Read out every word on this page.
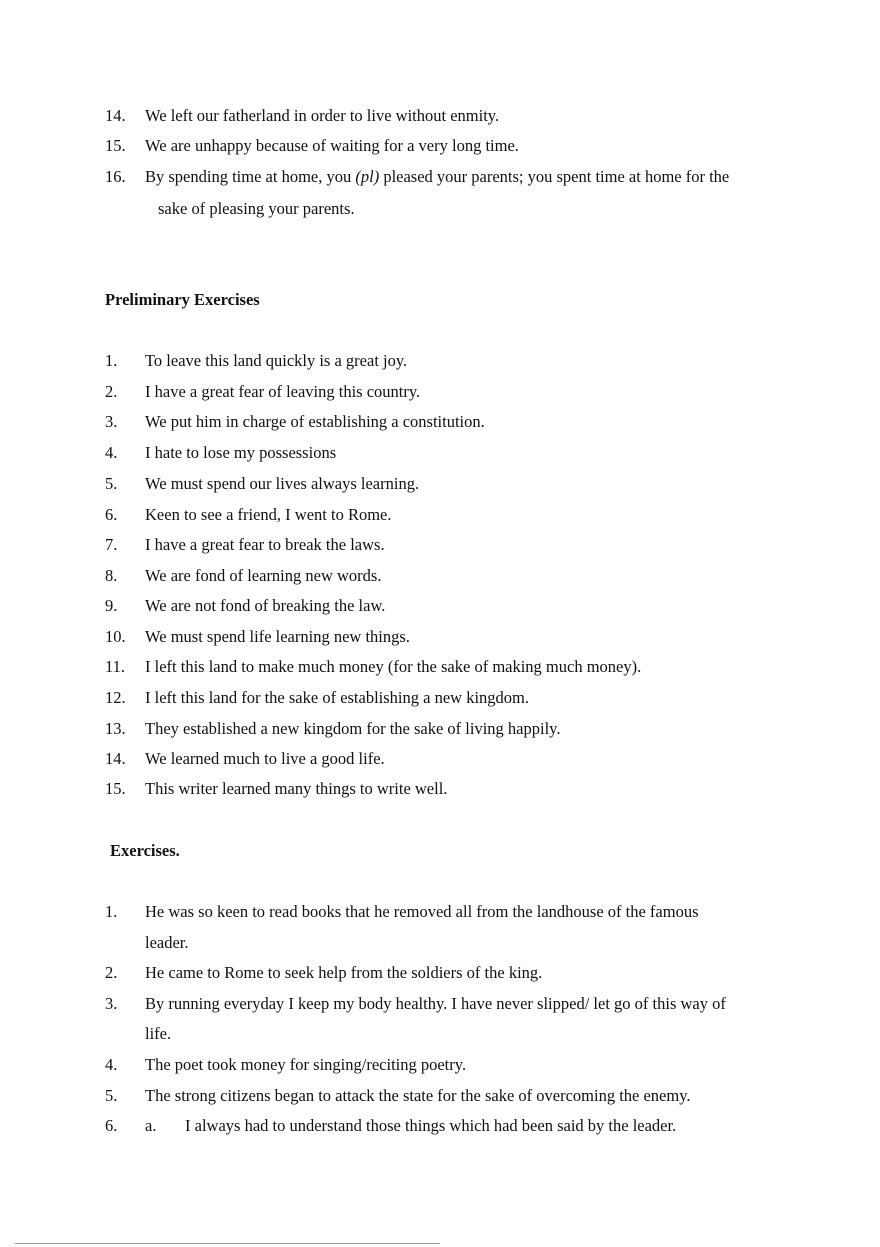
14.	We left our fatherland in order to live without enmity.
15.	We are unhappy because of waiting for a very long time.
16.	By spending time at home, you (pl) pleased your parents; you spent time at home for the
sake of pleasing your parents.
Preliminary Exercises
1.	To leave this land quickly is a great joy.
2.	I have a great fear of leaving this country.
3.	We put him in charge of establishing a constitution.
4.	I hate to lose my possessions
5.	We must spend our lives always learning.
6.	Keen to see a friend, I went to Rome.
7.	I have a great fear to break the laws.
8.	We are fond of learning new words.
9.	We are not fond of breaking the law.
10.	We must spend life learning new things.
11.	I left this land to make much money (for the sake of making much money).
12.	I left this land for the sake of establishing a new kingdom.
13.	They established a new kingdom for the sake of living happily.
14.	We learned much to live a good life.
15.	This writer learned many things to write well.
Exercises.
1.	He was so keen to read books that he removed all from the landhouse of the famous
leader.
2.	He came to Rome to seek help from the soldiers of the king.
3.	By running everyday I keep my body healthy. I have never slipped/ let go of this way of
life.
4.	The poet took money for singing/reciting poetry.
5.	The strong citizens began to attack the state for the sake of overcoming the enemy.
6.	a. I always had to understand those things which had been said by the leader.
